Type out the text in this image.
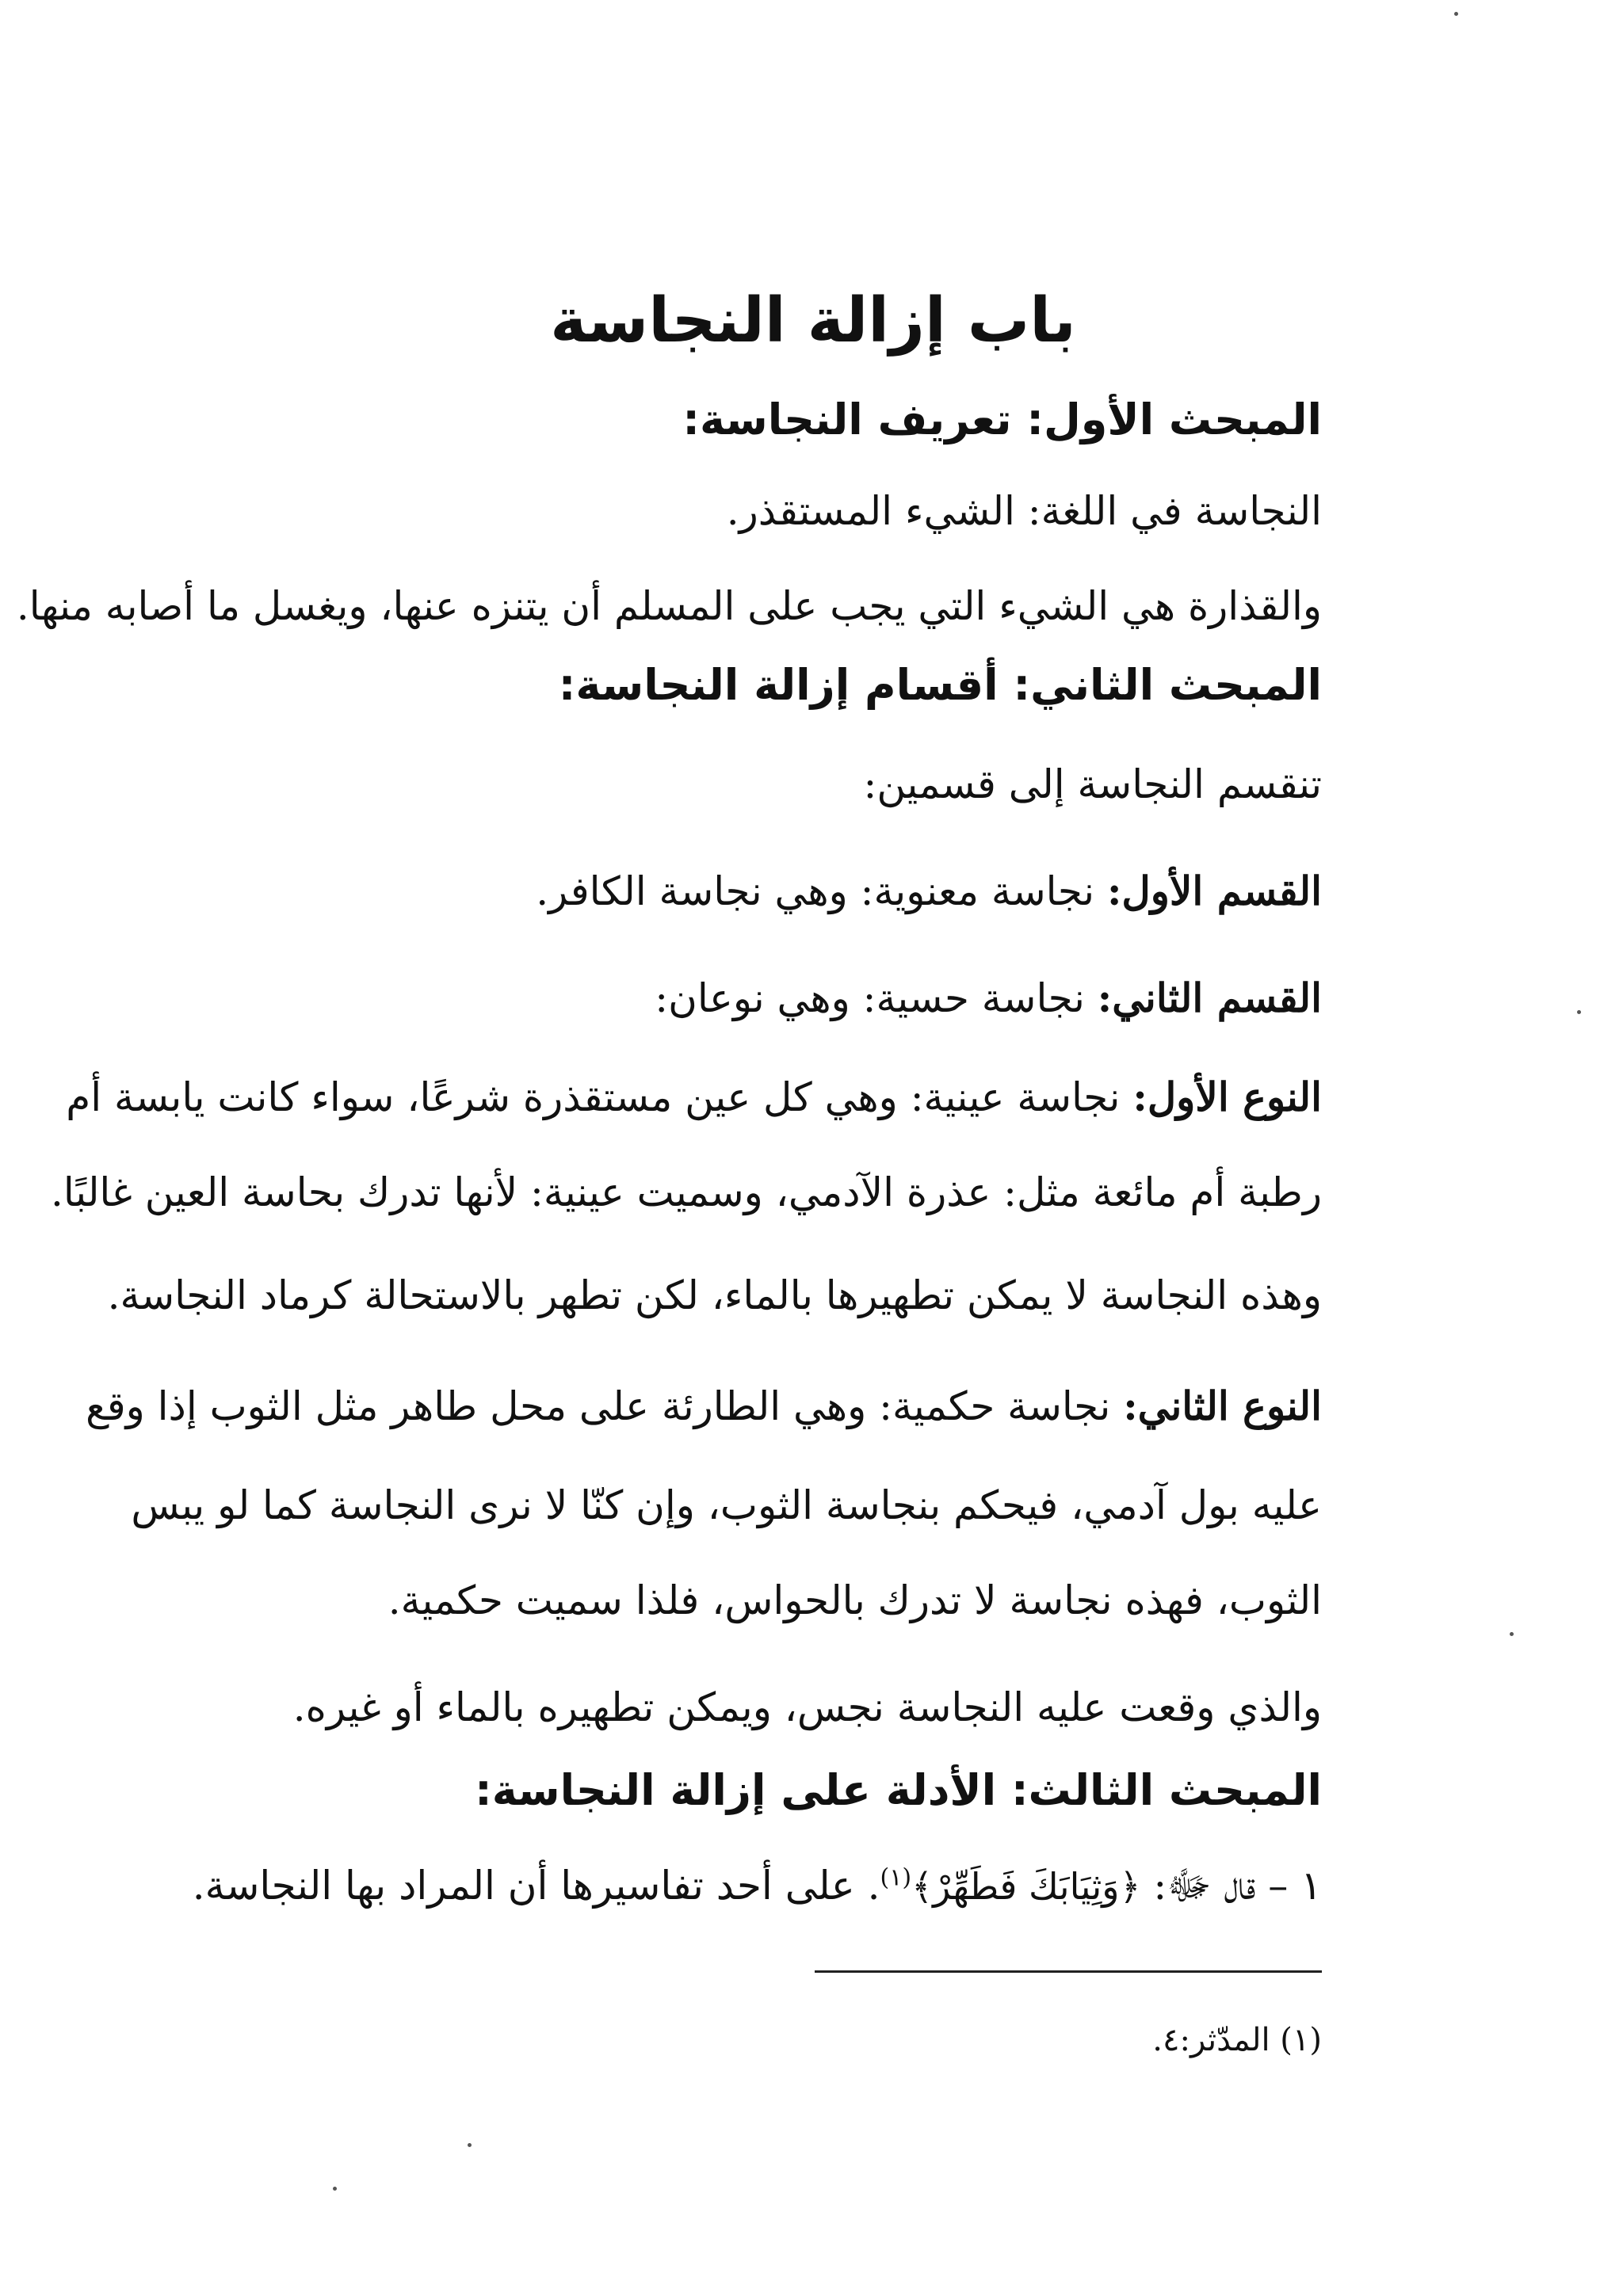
باب إزالة النجاسة
المبحث الأول: تعريف النجاسة:
النجاسة في اللغة: الشيء المستقذر.
والقذارة هي الشيء التي يجب على المسلم أن يتنزه عنها، ويغسل ما أصابه منها.
المبحث الثاني: أقسام إزالة النجاسة:
تنقسم النجاسة إلى قسمين:
القسم الأول: نجاسة معنوية: وهي نجاسة الكافر.
القسم الثاني: نجاسة حسية: وهي نوعان:
النوع الأول: نجاسة عينية: وهي كل عين مستقذرة شرعًا، سواء كانت يابسة أم
رطبة أم مائعة مثل: عذرة الآدمي، وسميت عينية: لأنها تدرك بحاسة العين غالبًا.
وهذه النجاسة لا يمكن تطهيرها بالماء، لكن تطهر بالاستحالة كرماد النجاسة.
النوع الثاني: نجاسة حكمية: وهي الطارئة على محل طاهر مثل الثوب إذا وقع
عليه بول آدمي، فيحكم بنجاسة الثوب، وإن كنّا لا نرى النجاسة كما لو يبس
الثوب، فهذه نجاسة لا تدرك بالحواس، فلذا سميت حكمية.
والذي وقعت عليه النجاسة نجس، ويمكن تطهيره بالماء أو غيره.
المبحث الثالث: الأدلة على إزالة النجاسة:
١ – قال ﷻ: ﴿وَثِيَابَكَ فَطَهِّرْ﴾$^{(١)}$. على أحد تفاسيرها أن المراد بها النجاسة.
(١) المدّثر:٤.
